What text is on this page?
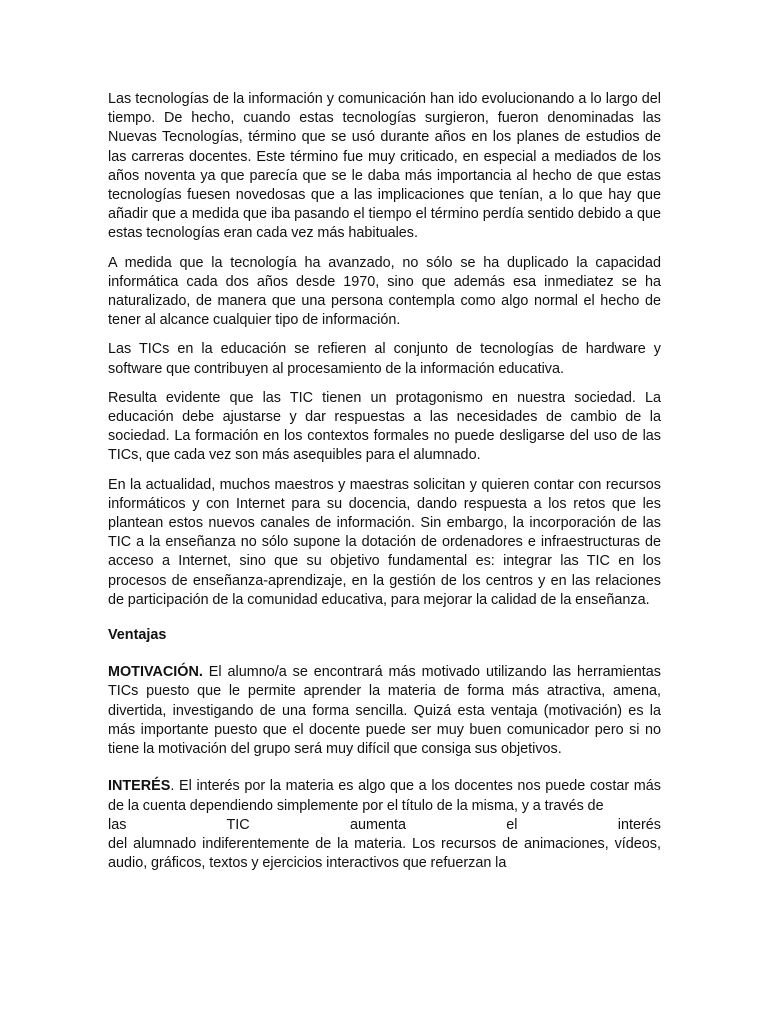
Las tecnologías de la información y comunicación han ido evolucionando a lo largo del tiempo. De hecho, cuando estas tecnologías surgieron, fueron denominadas las Nuevas Tecnologías, término que se usó durante años en los planes de estudios de las carreras docentes. Este término fue muy criticado, en especial a mediados de los años noventa ya que parecía que se le daba más importancia al hecho de que estas tecnologías fuesen novedosas que a las implicaciones que tenían, a lo que hay que añadir que a medida que iba pasando el tiempo el término perdía sentido debido a que estas tecnologías eran cada vez más habituales.

A medida que la tecnología ha avanzado, no sólo se ha duplicado la capacidad informática cada dos años desde 1970, sino que además esa inmediatez se ha naturalizado, de manera que una persona contempla como algo normal el hecho de tener al alcance cualquier tipo de información.

Las TICs en la educación se refieren al conjunto de tecnologías de hardware y software que contribuyen al procesamiento de la información educativa.

Resulta evidente que las TIC tienen un protagonismo en nuestra sociedad. La educación debe ajustarse y dar respuestas a las necesidades de cambio de la sociedad. La formación en los contextos formales no puede desligarse del uso de las TICs, que cada vez son más asequibles para el alumnado.

En la actualidad, muchos maestros y maestras solicitan y quieren contar con recursos informáticos y con Internet para su docencia, dando respuesta a los retos que les plantean estos nuevos canales de información. Sin embargo, la incorporación de las TIC a la enseñanza no sólo supone la dotación de ordenadores e infraestructuras de acceso a Internet, sino que su objetivo fundamental es: integrar las TIC en los procesos de enseñanza-aprendizaje, en la gestión de los centros y en las relaciones de participación de la comunidad educativa, para mejorar la calidad de la enseñanza.

Ventajas

MOTIVACIÓN. El alumno/a se encontrará más motivado utilizando las herramientas TICs puesto que le permite aprender la materia de forma más atractiva, amena, divertida, investigando de una forma sencilla. Quizá esta ventaja (motivación) es la más importante puesto que el docente puede ser muy buen comunicador pero si no tiene la motivación del grupo será muy difícil que consiga sus objetivos.

INTERÉS. El interés por la materia es algo que a los docentes nos puede costar más de la cuenta dependiendo simplemente por el título de la misma, y a través de
las TIC aumenta el interés
del alumnado indiferentemente de la materia. Los recursos de animaciones, vídeos, audio, gráficos, textos y ejercicios interactivos que refuerzan la
